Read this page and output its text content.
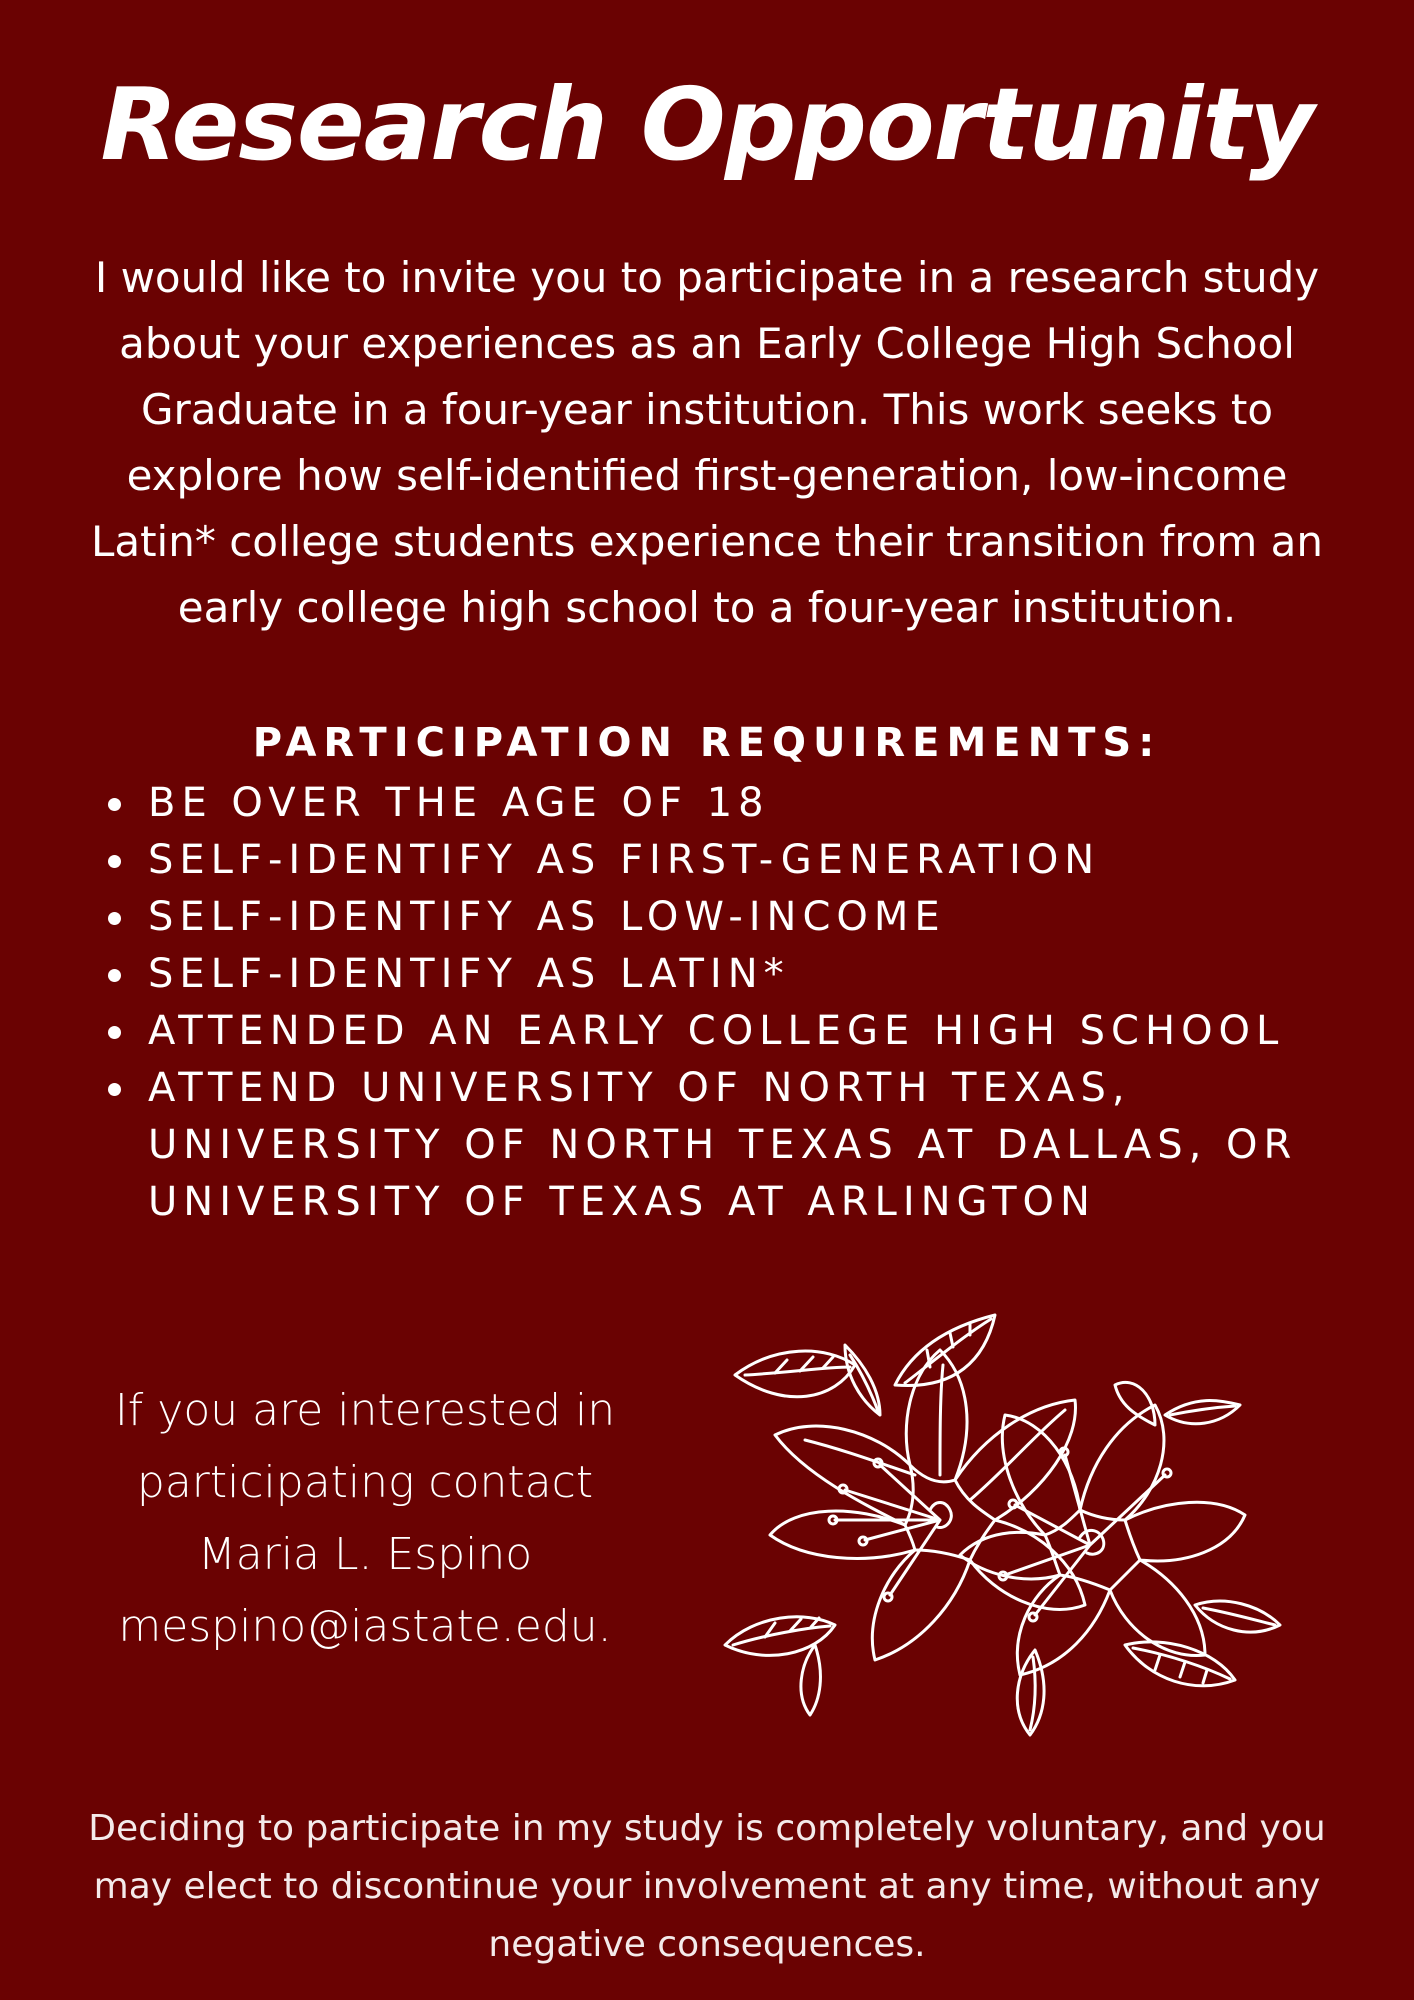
Research Opportunity

I would like to invite you to participate in a research study about your experiences as an Early College High School Graduate in a four-year institution. This work seeks to explore how self-identified first-generation, low-income Latin* college students experience their transition from an early college high school to a four-year institution.

PARTICIPATION REQUIREMENTS:
BE OVER THE AGE OF 18
SELF-IDENTIFY AS FIRST-GENERATION
SELF-IDENTIFY AS LOW-INCOME
SELF-IDENTIFY AS LATIN*
ATTENDED AN EARLY COLLEGE HIGH SCHOOL
ATTEND UNIVERSITY OF NORTH TEXAS, UNIVERSITY OF NORTH TEXAS AT DALLAS, OR UNIVERSITY OF TEXAS AT ARLINGTON

If you are interested in
participating contact
Maria L. Espino
mespino@iastate.edu.

Deciding to participate in my study is completely voluntary, and you may elect to discontinue your involvement at any time, without any negative consequences.
